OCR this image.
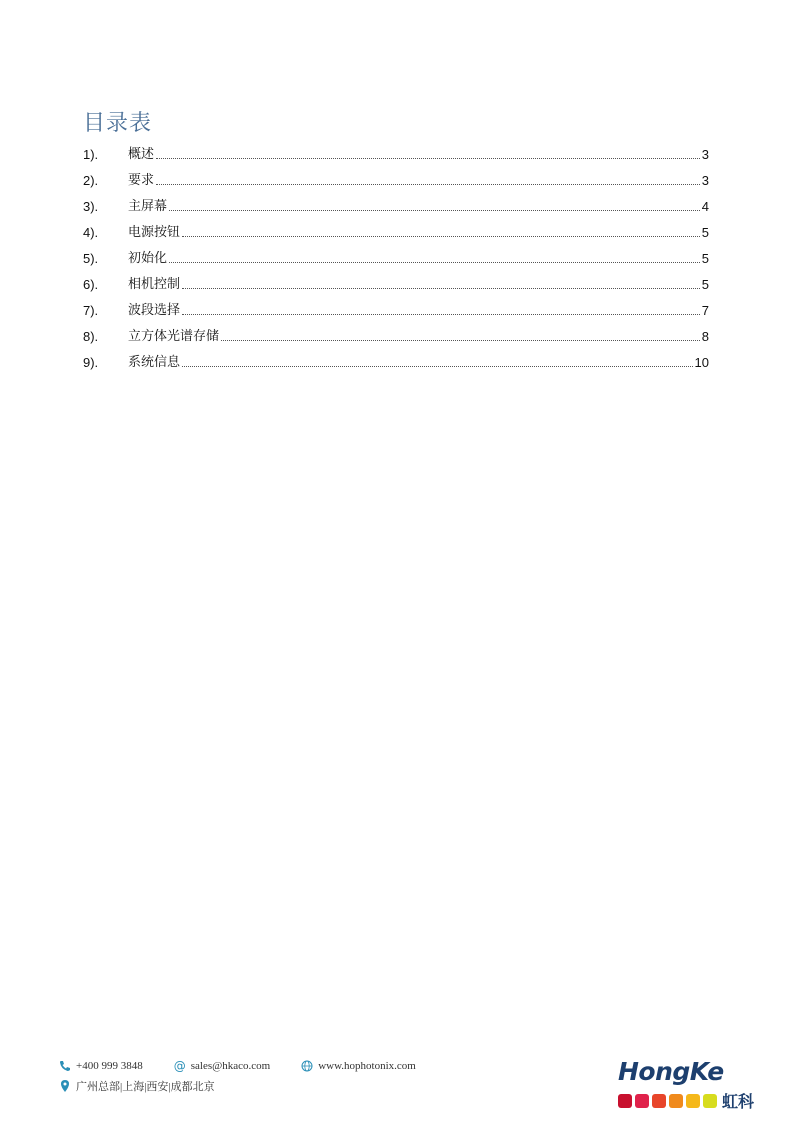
目录表
1).	概述	3
2).	要求	3
3).	主屏幕	4
4).	电源按钮	5
5).	初始化	5
6).	相机控制	5
7).	波段选择	7
8).	立方体光谱存储	8
9).	系统信息	10
+400 999 3848	@ sales@hkaco.com	www.hophotonix.com
广州总部|上海|西安|成都北京
HongKe
虹科
